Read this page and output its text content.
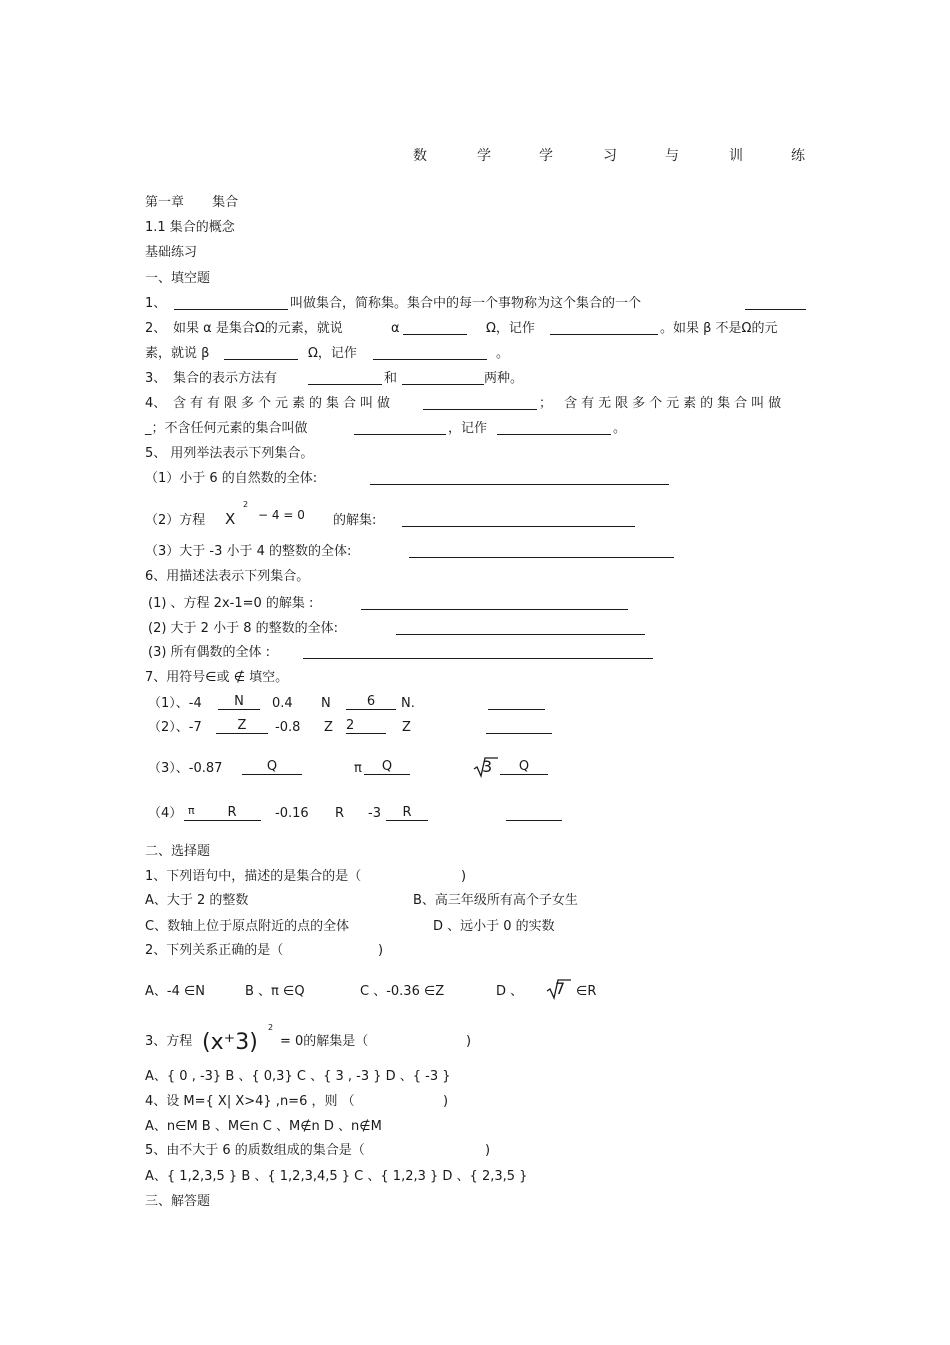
数	学	学	习	与	训	练
第一章 集合
1.1 集合的概念
基础练习
一、填空题
1、	叫做集合，简称集。集合中的每一个事物称为这个集合的一个
2、 如果 α 是集合Ω的元素，就说	α	Ω，记作	。如果 β 不是Ω的元
素，就说 β	Ω，记作	。
3、 集合的表示方法有	和	两种。
4、 含有有限多个元素的集合叫做	； 含有无限多个元素的集合叫做
_；不含任何元素的集合叫做	，记作	。
5、 用列举法表示下列集合。
（1）小于 6 的自然数的全体:
（2）方程 X
2
− 4 = 0 的解集:
（3）大于 -3 小于 4 的整数的全体:
6、用描述法表示下列集合。
(1) 、方程 2x-1=0 的解集 :
(2) 大于 2 小于 8 的整数的全体:
(3) 所有偶数的全体 :
7、用符号∈或 ∉ 填空。
（1）、-4	N	0.4 N	6	N.
（2）、-7	Z	-0.8 Z 2	Z
（3）、-0.87	Q	π	Q	3	Q
（4） π	R	-0.16 R -3	R
二、选择题
1、下列语句中，描述的是集合的是（	)
A、大于 2 的整数	B、高三年级所有高个子女生
C、数轴上位于原点附近的点的全体	D 、远小于 0 的实数
2、下列关系正确的是（	)
A、-4 ∈N	B 、π ∈Q	C 、-0.36 ∈Z	D 、 7 ∈R
3、方程 (x⁺3)
2
= 0的解集是（	)
A、{ 0 , -3} B 、{ 0,3} C 、{ 3 , -3 } D 、{ -3 }
4、设 M={ X| X>4} ,n=6 ，则 （	)
A、n∈M B 、M∈n C 、M∉n D 、n∉M
5、由不大于 6 的质数组成的集合是（	)
A、{ 1,2,3,5 } B 、{ 1,2,3,4,5 } C 、{ 1,2,3 } D 、{ 2,3,5 }
三、解答题
